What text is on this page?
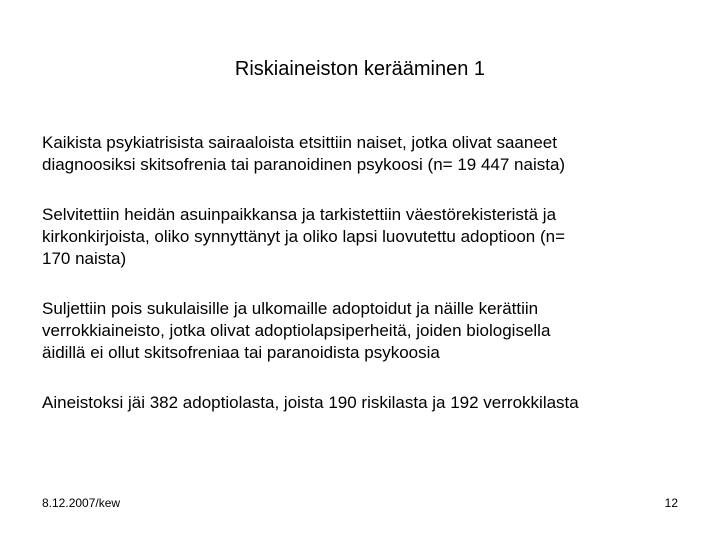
Riskiaineiston kerääminen 1
Kaikista psykiatrisista sairaaloista etsittiin naiset, jotka olivat saaneet
diagnoosiksi skitsofrenia tai paranoidinen psykoosi (n= 19 447 naista)
Selvitettiin heidän asuinpaikkansa ja tarkistettiin väestörekisteristä ja
kirkonkirjoista, oliko synnyttänyt ja oliko lapsi luovutettu adoptioon (n=
170 naista)
Suljettiin pois sukulaisille ja ulkomaille adoptoidut ja näille kerättiin
verrokkiaineisto, jotka olivat adoptiolapsiperheitä, joiden biologisella
äidillä ei ollut skitsofreniaa tai paranoidista psykoosia
Aineistoksi jäi 382 adoptiolasta, joista 190 riskilasta ja 192 verrokkilasta
8.12.2007/kew	12
